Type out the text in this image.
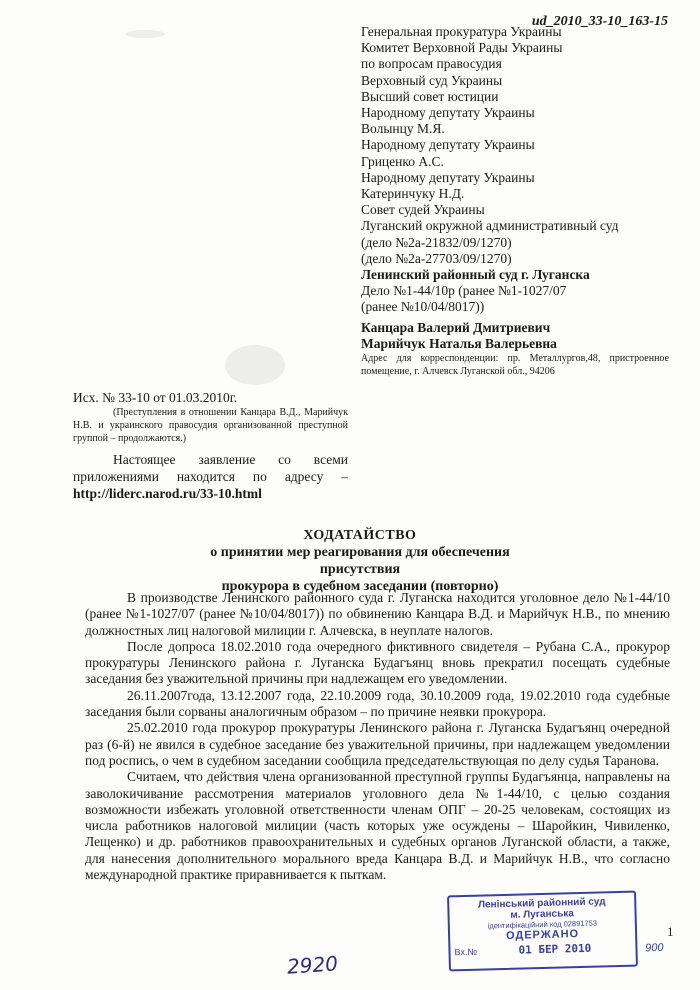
ud_2010_33-10_163-15
Генеральная прокуратура Украины
Комитет Верховной Рады Украины
по вопросам правосудия
Верховный суд Украины
Высший совет юстиции
Народному депутату Украины
Волынцу М.Я.
Народному депутату Украины
Гриценко А.С.
Народному депутату Украины
Катеринчуку Н.Д.
Совет судей Украины
Луганский окружной административный суд
(дело №2а-21832/09/1270)
(дело №2а-27703/09/1270)
Ленинский районный суд г. Луганска
Дело №1-44/10р (ранее №1-1027/07
(ранее №10/04/8017))
Канцара Валерий Дмитриевич
Марийчук Наталья Валерьевна
Адрес для корреспонденции: пр. Металлургов,48, пристроенное помещение, г. Алчевск Луганской обл., 94206
Исх. № 33-10 от 01.03.2010г.
(Преступления в отношении Канцара В.Д., Марийчук Н.В. и украинского правосудия организованной преступной группой – продолжаются.)
Настоящее заявление со всеми приложениями находится по адресу – http://liderc.narod.ru/33-10.html
ХОДАТАЙСТВО
о принятии мер реагирования для обеспечения присутствия
прокурора в судебном заседании (повторно)

В производстве Ленинского районного суда г. Луганска находится уголовное дело №1-44/10 (ранее №1-1027/07 (ранее №10/04/8017)) по обвинению Канцара В.Д. и Марийчук Н.В., по мнению должностных лиц налоговой милиции г. Алчевска, в неуплате налогов.

После допроса 18.02.2010 года очередного фиктивного свидетеля – Рубана С.А., прокурор прокуратуры Ленинского района г. Луганска Будагъянц вновь прекратил посещать судебные заседания без уважительной причины при надлежащем его уведомлении.

26.11.2007года, 13.12.2007 года, 22.10.2009 года, 30.10.2009 года, 19.02.2010 года судебные заседания были сорваны аналогичным образом – по причине неявки прокурора.

25.02.2010 года прокурор прокуратуры Ленинского района г. Луганска Будагъянц очередной раз (6-й) не явился в судебное заседание без уважительной причины, при надлежащем уведомлении под роспись, о чем в судебном заседании сообщила председательствующая по делу судья Таранова.

Считаем, что действия члена организованной преступной группы Будагъянца, направлены на заволокичивание рассмотрения материалов уголовного дела №1-44/10, с целью создания возможности избежать уголовной ответственности членам ОПГ – 20-25 человекам, состоящих из числа работников налоговой милиции (часть которых уже осуждены – Шаройкин, Чивиленко, Лещенко) и др. работников правоохранительных и судебных органов Луганской области, а также, для нанесения дополнительного морального вреда Канцара В.Д. и Марийчук Н.В., что согласно международной практике приравнивается к пыткам.

Ленінський районний суд
м. Луганська
ідентифікаційний код 02891753
ОДЕРЖАНО
Вх.№	01 БЕР 2010	900
1
2920
